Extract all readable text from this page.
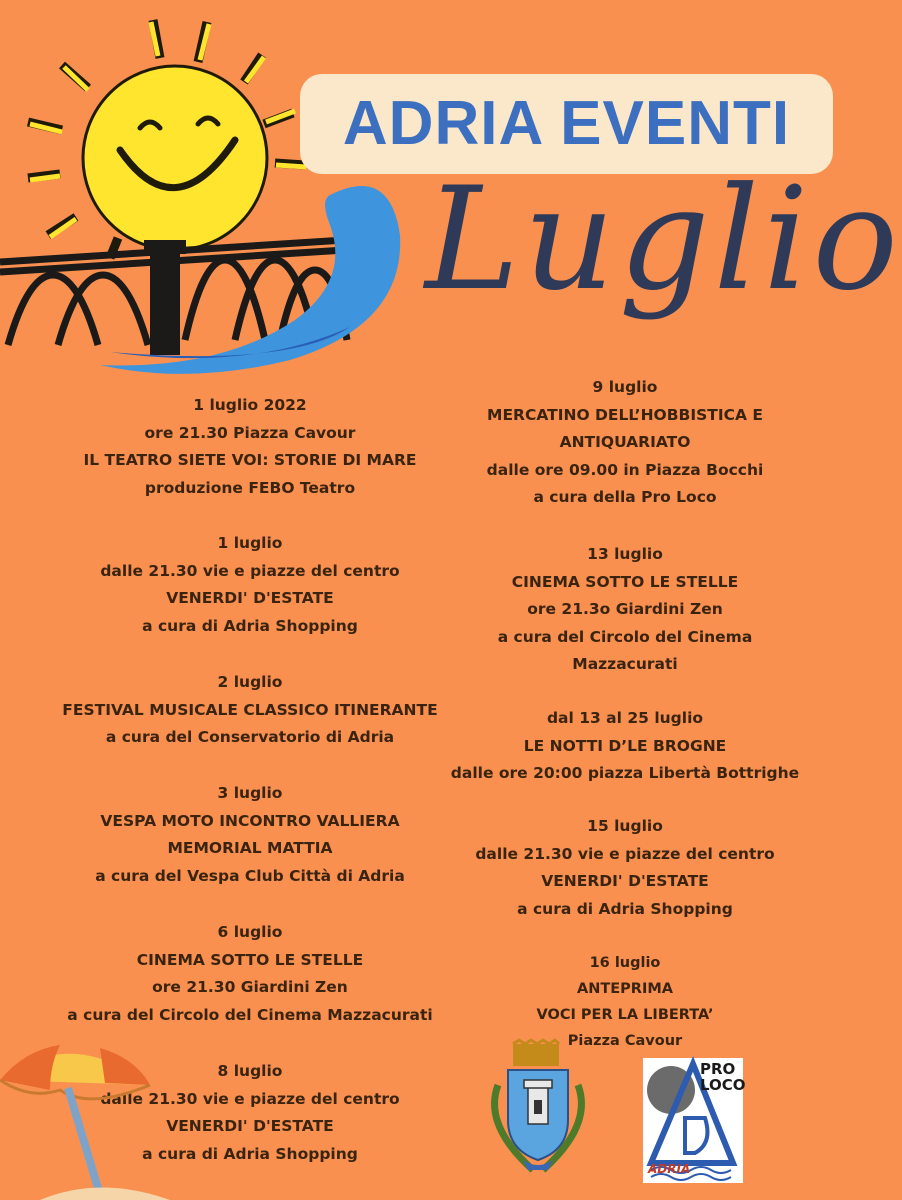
ADRIA EVENTI
Luglio
1 luglio 2022
ore 21.30 Piazza Cavour
IL TEATRO SIETE VOI: STORIE DI MARE
produzione FEBO Teatro
1 luglio
dalle 21.30 vie e piazze del centro
VENERDI' D'ESTATE
a cura di Adria Shopping
2 luglio
FESTIVAL MUSICALE CLASSICO ITINERANTE
a cura del Conservatorio di Adria
3 luglio
VESPA MOTO INCONTRO VALLIERA
MEMORIAL MATTIA
a cura del Vespa Club Città di Adria
6 luglio
CINEMA SOTTO LE STELLE
ore 21.30 Giardini Zen
a cura del Circolo del Cinema Mazzacurati
8 luglio
dalle 21.30 vie e piazze del centro
VENERDI' D'ESTATE
a cura di Adria Shopping
9 luglio
MERCATINO DELL’HOBBISTICA E
ANTIQUARIATO
dalle ore 09.00 in Piazza Bocchi
a cura della Pro Loco
13 luglio
CINEMA SOTTO LE STELLE
ore 21.3o Giardini Zen
a cura del Circolo del Cinema
Mazzacurati
dal 13 al 25 luglio
LE NOTTI D’LE BROGNE
dalle ore 20:00 piazza Libertà Bottrighe
15 luglio
dalle 21.30 vie e piazze del centro
VENERDI' D'ESTATE
a cura di Adria Shopping
16 luglio
ANTEPRIMA
VOCI PER LA LIBERTA’
Piazza Cavour
PRO
LOCO
ADRIA
